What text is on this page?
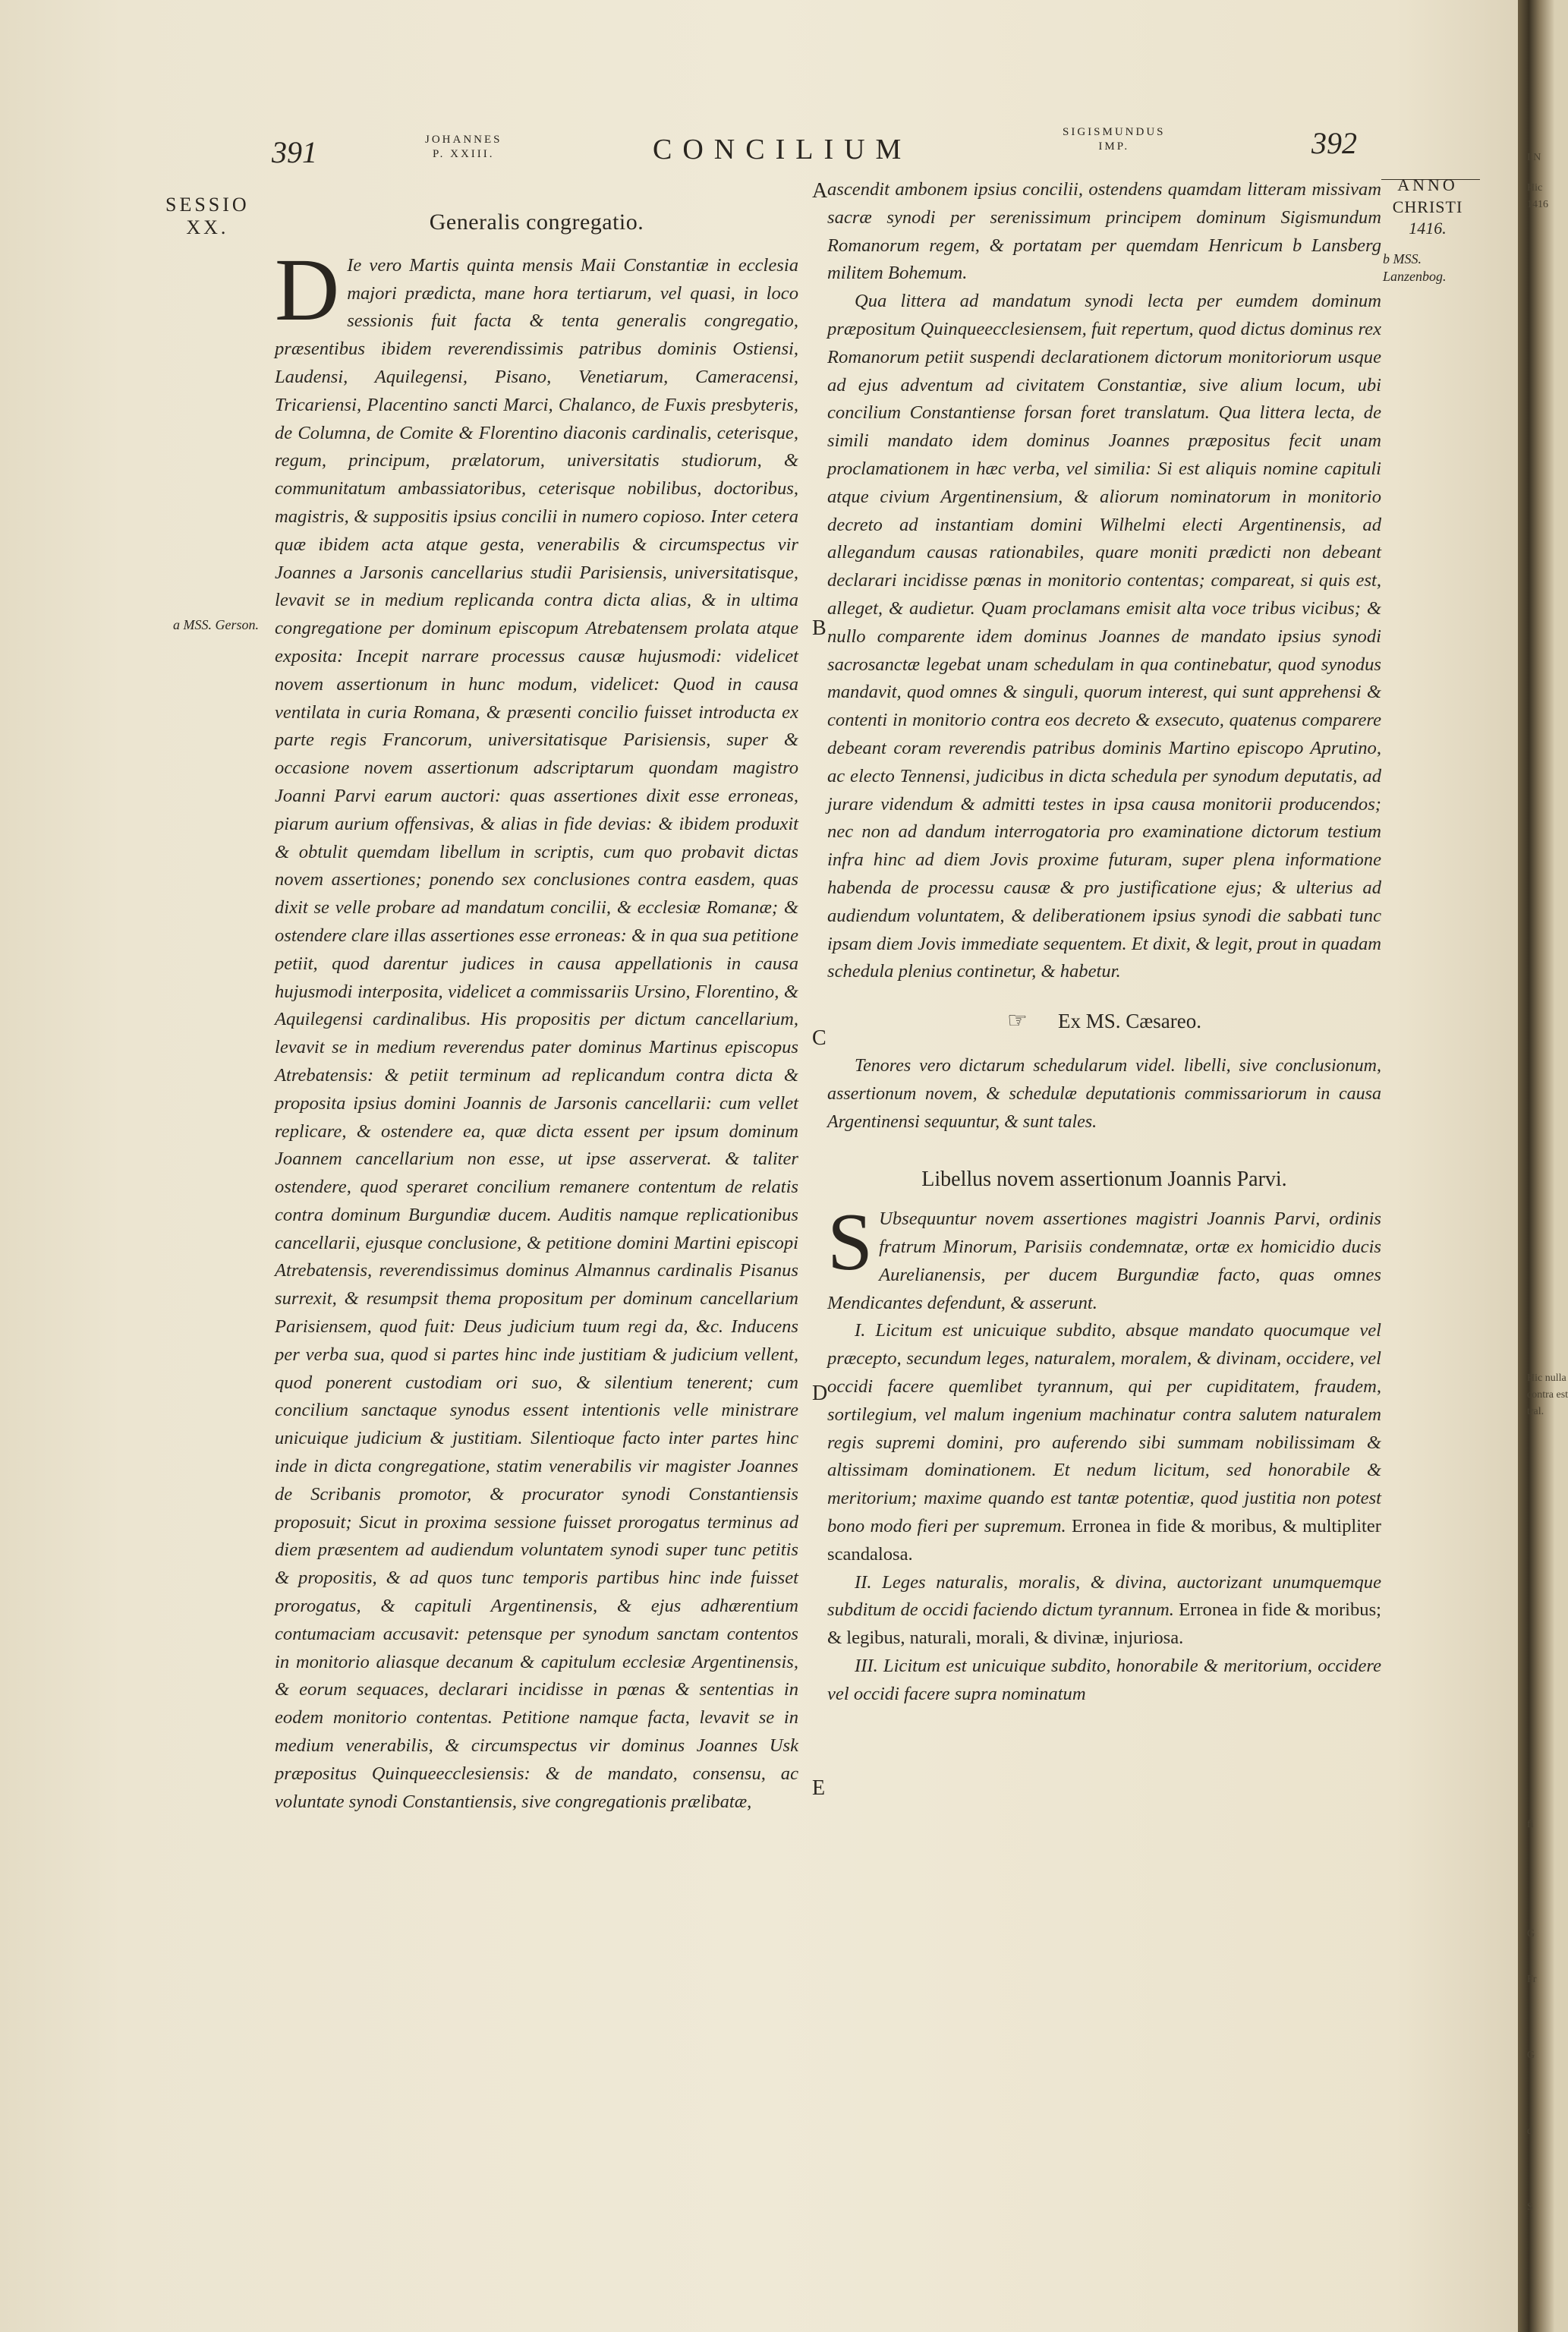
391	JOHANNES
P. XXIII.	CONCILIUM
SIGISMUNDUS
IMP.	392
SESSIO
XX.
ANNO
CHRISTI
1416.
b MSS. Lanzenbog.
a MSS. Gerson.
A
B
C
D
E
Generalis congregatio.

D Ie vero Martis quinta mensis Maii Constantiæ in ecclesia majori prædicta, mane hora tertiarum, vel quasi, in loco sessionis fuit facta & tenta generalis congregatio, præsentibus ibidem reverendissimis patribus dominis Ostiensi, Laudensi, Aquilegensi, Pisano, Venetiarum, Cameracensi, Tricariensi, Placentino sancti Marci, Chalanco, de Fuxis presbyteris, de Columna, de Comite & Florentino diaconis cardinalis, ceterisque, regum, principum, prælatorum, universitatis studiorum, & communitatum ambassiatoribus, ceterisque nobilibus, doctoribus, magistris, & suppositis ipsius concilii in numero copioso. Inter cetera quæ ibidem acta atque gesta, venerabilis & circumspectus vir Joannes a Jarsonis cancellarius studii Parisiensis, universitatisque, levavit se in medium replicanda contra dicta alias, & in ultima congregatione per dominum episcopum Atrebatensem prolata atque exposita: Incepit narrare processus causæ hujusmodi: videlicet novem assertionum in hunc modum, videlicet: Quod in causa ventilata in curia Romana, & præsenti concilio fuisset introducta ex parte regis Francorum, universitatisque Parisiensis, super & occasione novem assertionum adscriptarum quondam magistro Joanni Parvi earum auctori: quas assertiones dixit esse erroneas, piarum aurium offensivas, & alias in fide devias: & ibidem produxit & obtulit quemdam libellum in scriptis, cum quo probavit dictas novem assertiones; ponendo sex conclusiones contra easdem, quas dixit se velle probare ad mandatum concilii, & ecclesiæ Romanæ; & ostendere clare illas assertiones esse erroneas: & in qua sua petitione petiit, quod darentur judices in causa appellationis in causa hujusmodi interposita, videlicet a commissariis Ursino, Florentino, & Aquilegensi cardinalibus. His propositis per dictum cancellarium, levavit se in medium reverendus pater dominus Martinus episcopus Atrebatensis: & petiit terminum ad replicandum contra dicta & proposita ipsius domini Joannis de Jarsonis cancellarii: cum vellet replicare, & ostendere ea, quæ dicta essent per ipsum dominum Joannem cancellarium non esse, ut ipse asserverat. & taliter ostendere, quod speraret concilium remanere contentum de relatis contra dominum Burgundiæ ducem. Auditis namque replicationibus cancellarii, ejusque conclusione, & petitione domini Martini episcopi Atrebatensis, reverendissimus dominus Almannus cardinalis Pisanus surrexit, & resumpsit thema propositum per dominum cancellarium Parisiensem, quod fuit: Deus judicium tuum regi da, &c. Inducens per verba sua, quod si partes hinc inde justitiam & judicium vellent, quod ponerent custodiam ori suo, & silentium tenerent; cum concilium sanctaque synodus essent intentionis velle ministrare unicuique judicium & justitiam. Silentioque facto inter partes hinc inde in dicta congregatione, statim venerabilis vir magister Joannes de Scribanis promotor, & procurator synodi Constantiensis proposuit; Sicut in proxima sessione fuisset prorogatus terminus ad diem præsentem ad audiendum voluntatem synodi super tunc petitis & propositis, & ad quos tunc temporis partibus hinc inde fuisset prorogatus, & capituli Argentinensis, & ejus adhærentium contumaciam accusavit: petensque per synodum sanctam contentos in monitorio aliasque decanum & capitulum ecclesiæ Argentinensis, & eorum sequaces, declarari incidisse in pœnas & sententias in eodem monitorio contentas. Petitione namque facta, levavit se in medium venerabilis, & circumspectus vir dominus Joannes Usk præpositus Quinqueecclesiensis: & de mandato, consensu, ac voluntate synodi Constantiensis, sive congregationis prælibatæ,

ascendit ambonem ipsius concilii, ostendens quamdam litteram missivam sacræ synodi per serenissimum principem dominum Sigismundum Romanorum regem, & portatam per quemdam Henricum b Lansberg militem Bohemum.

Qua littera ad mandatum synodi lecta per eumdem dominum præpositum Quinqueecclesiensem, fuit repertum, quod dictus dominus rex Romanorum petiit suspendi declarationem dictorum monitoriorum usque ad ejus adventum ad civitatem Constantiæ, sive alium locum, ubi concilium Constantiense forsan foret translatum. Qua littera lecta, de simili mandato idem dominus Joannes præpositus fecit unam proclamationem in hæc verba, vel similia: Si est aliquis nomine capituli atque civium Argentinensium, & aliorum nominatorum in monitorio decreto ad instantiam domini Wilhelmi electi Argentinensis, ad allegandum causas rationabiles, quare moniti prædicti non debeant declarari incidisse pœnas in monitorio contentas; compareat, si quis est, alleget, & audietur. Quam proclamans emisit alta voce tribus vicibus; & nullo comparente idem dominus Joannes de mandato ipsius synodi sacrosanctæ legebat unam schedulam in qua continebatur, quod synodus mandavit, quod omnes & singuli, quorum interest, qui sunt apprehensi & contenti in monitorio contra eos decreto & exsecuto, quatenus comparere debeant coram reverendis patribus dominis Martino episcopo Aprutino, ac electo Tennensi, judicibus in dicta schedula per synodum deputatis, ad jurare videndum & admitti testes in ipsa causa monitorii producendos; nec non ad dandum interrogatoria pro examinatione dictorum testium infra hinc ad diem Jovis proxime futuram, super plena informatione habenda de processu causæ & pro justificatione ejus; & ulterius ad audiendum voluntatem, & deliberationem ipsius synodi die sabbati tunc ipsam diem Jovis immediate sequentem. Et dixit, & legit, prout in quadam schedula plenius continetur, & habetur.

☞ Ex MS. Cæsareo.

Tenores vero dictarum schedularum videl. libelli, sive conclusionum, assertionum novem, & schedulæ deputationis commissariorum in causa Argentinensi sequuntur, & sunt tales.

Libellus novem assertionum Joannis Parvi.

S Ubsequuntur novem assertiones magistri Joannis Parvi, ordinis fratrum Minorum, Parisiis condemnatæ, ortæ ex homicidio ducis Aurelianensis, per ducem Burgundiæ facto, quas omnes Mendicantes defendunt, & asserunt.

I. Licitum est unicuique subdito, absque mandato quocumque vel præcepto, secundum leges, naturalem, moralem, & divinam, occidere, vel occidi facere quemlibet tyrannum, qui per cupiditatem, fraudem, sortilegium, vel malum ingenium machinatur contra salutem naturalem regis supremi domini, pro auferendo sibi summam nobilissimam & altissimam dominationem. Et nedum licitum, sed honorabile & meritorium; maxime quando est tantæ potentiæ, quod justitia non potest bono modo fieri per supremum. Erronea in fide & moribus, & multipliter scandalosa.

II. Leges naturalis, moralis, & divina, auctorizant unumquemque subditum de occidi faciendo dictum tyrannum. Erronea in fide & moribus; & legibus, naturali, morali, & divinæ, injuriosa.

III. Licitum est unicuique subdito, honorabile & meritorium, occidere vel occidi facere supra nominatum

I N
Hic
1416
Hic nulla
contra est
tral.
fi
G
Fr
G
d
S
